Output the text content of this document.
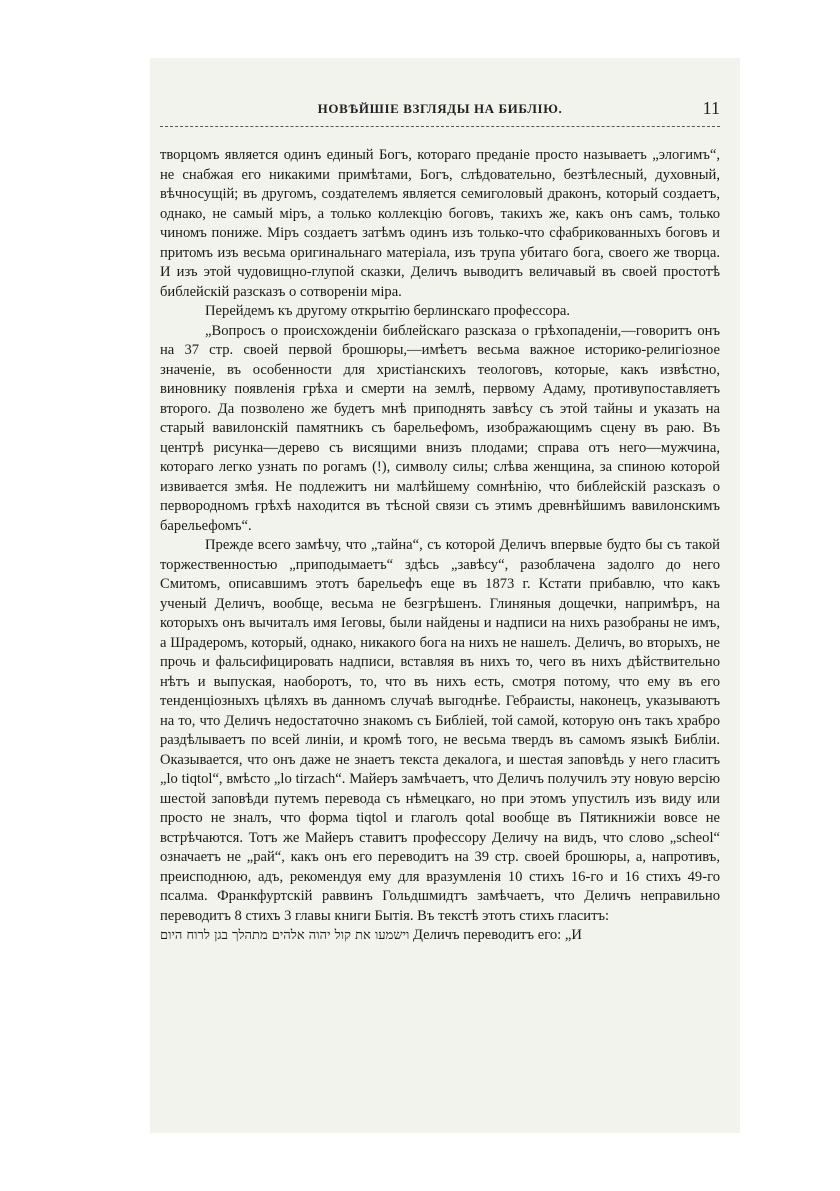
НОВѢЙШІЕ ВЗГЛЯДЫ НА БИБЛІЮ.	11

творцомъ является одинъ единый Богъ, котораго преданіе просто называетъ „элогимъ“, не снабжая его никакими примѣтами, Богъ, слѣдовательно, безтѣлесный, духовный, вѣчносущій; въ другомъ, создателемъ является семиголовый драконъ, который создаетъ, однако, не самый міръ, а только коллекцію боговъ, такихъ же, какъ онъ самъ, только чиномъ пониже. Міръ создаетъ затѣмъ одинъ изъ только-что сфабрикованныхъ боговъ и притомъ изъ весьма оригинальнаго матеріала, изъ трупа убитаго бога, своего же творца. И изъ этой чудовищно-глупой сказки, Деличъ выводитъ величавый въ своей простотѣ библейскій разсказъ о сотвореніи міра.

Перейдемъ къ другому открытію берлинскаго профессора.

„Вопросъ о происхожденіи библейскаго разсказа о грѣхопаденіи,—говоритъ онъ на 37 стр. своей первой брошюры,—имѣетъ весьма важное историко-религіозное значеніе, въ особенности для христіанскихъ теологовъ, которые, какъ извѣстно, виновнику появленія грѣха и смерти на землѣ, первому Адаму, противупоставляетъ второго. Да позволено же будетъ мнѣ приподнять завѣсу съ этой тайны и указать на старый вавилонскій памятникъ съ барельефомъ, изображающимъ сцену въ раю. Въ центрѣ рисунка—дерево съ висящими внизъ плодами; справа отъ него—мужчина, котораго легко узнать по рогамъ (!), символу силы; слѣва женщина, за спиною которой извивается змѣя. Не подлежитъ ни малѣйшему сомнѣнію, что библейскій разсказъ о первородномъ грѣхѣ находится въ тѣсной связи съ этимъ древнѣйшимъ вавилонскимъ барельефомъ“.

Прежде всего замѣчу, что „тайна“, съ которой Деличъ впервые будто бы съ такой торжественностью „приподымаетъ“ здѣсь „завѣсу“, разоблачена задолго до него Смитомъ, описавшимъ этотъ барельефъ еще въ 1873 г. Кстати прибавлю, что какъ ученый Деличъ, вообще, весьма не безгрѣшенъ. Глиняныя дощечки, напримѣръ, на которыхъ онъ вычиталъ имя Іеговы, были найдены и надписи на нихъ разобраны не имъ, а Шрадеромъ, который, однако, никакого бога на нихъ не нашелъ. Деличъ, во вторыхъ, не прочь и фальсифицировать надписи, вставляя въ нихъ то, чего въ нихъ дѣйствительно нѣтъ и выпуская, наоборотъ, то, что въ нихъ есть, смотря потому, что ему въ его тенденціозныхъ цѣляхъ въ данномъ случаѣ выгоднѣе. Гебраисты, наконецъ, указываютъ на то, что Деличъ недостаточно знакомъ съ Библіей, той самой, которую онъ такъ храбро раздѣлываетъ по всей линіи, и кромѣ того, не весьма твердъ въ самомъ языкѣ Библіи. Оказывается, что онъ даже не знаетъ текста декалога, и шестая заповѣдь у него гласитъ „lo tiqtol“, вмѣсто „lo tirzach“. Майеръ замѣчаетъ, что Деличъ получилъ эту новую версію шестой заповѣди путемъ перевода съ нѣмецкаго, но при этомъ упустилъ изъ виду или просто не зналъ, что форма tiqtol и глаголъ qotal вообще въ Пятикнижіи вовсе не встрѣчаются. Тотъ же Майеръ ставитъ профессору Деличу на видъ, что слово „scheol“ означаетъ не „рай“, какъ онъ его переводитъ на 39 стр. своей брошюры, а, напротивъ, преисподнюю, адъ, рекомендуя ему для вразумленія 10 стихъ 16-го и 16 стихъ 49-го псалма. Франкфуртскій раввинъ Гольдшмидтъ замѣчаетъ, что Деличъ неправильно переводитъ 8 стихъ 3 главы книги Бытія. Въ текстѣ этотъ стихъ гласитъ:

וישמעו את קול יהוה אלהים מתהלך בגן לרוח היום Деличъ переводитъ его: „И
